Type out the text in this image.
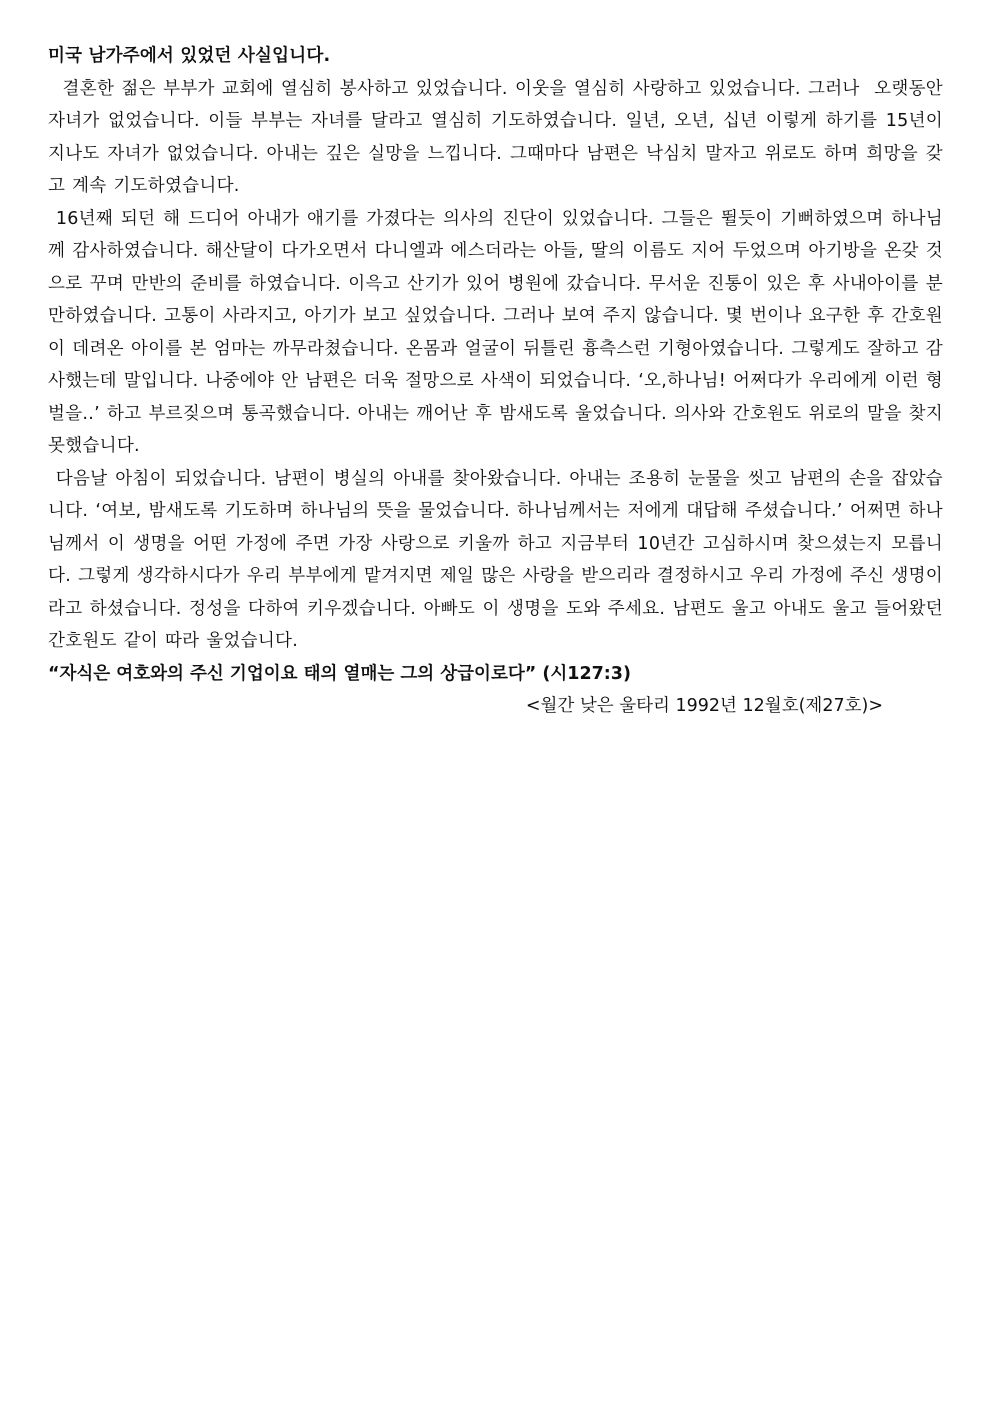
미국 남가주에서 있었던 사실입니다.

결혼한 젊은 부부가 교회에 열심히 봉사하고 있었습니다. 이웃을 열심히 사랑하고 있었습니다. 그러나  오랫동안 자녀가 없었습니다. 이들 부부는 자녀를 달라고 열심히 기도하였습니다. 일년, 오년, 십년 이렇게 하기를 15년이 지나도 자녀가 없었습니다. 아내는 깊은 실망을 느낍니다. 그때마다 남편은 낙심치 말자고 위로도 하며 희망을 갖고 계속 기도하였습니다.

16년째 되던 해 드디어 아내가 애기를 가졌다는 의사의 진단이 있었습니다. 그들은 뛸듯이 기뻐하였으며 하나님께 감사하였습니다. 해산달이 다가오면서 다니엘과 에스더라는 아들, 딸의 이름도 지어 두었으며 아기방을 온갖 것으로 꾸며 만반의 준비를 하였습니다. 이윽고 산기가 있어 병원에 갔습니다. 무서운 진통이 있은 후 사내아이를 분만하였습니다. 고통이 사라지고, 아기가 보고 싶었습니다. 그러나 보여 주지 않습니다. 몇 번이나 요구한 후 간호원이 데려온 아이를 본 엄마는 까무라쳤습니다. 온몸과 얼굴이 뒤틀린 흉측스런 기형아였습니다. 그렇게도 잘하고 감사했는데 말입니다. 나중에야 안 남편은 더욱 절망으로 사색이 되었습니다. ‘오,하나님! 어쩌다가 우리에게 이런 형벌을..’ 하고 부르짖으며 통곡했습니다. 아내는 깨어난 후 밤새도록 울었습니다. 의사와 간호원도 위로의 말을 찾지 못했습니다.

다음날 아침이 되었습니다. 남편이 병실의 아내를 찾아왔습니다. 아내는 조용히 눈물을 씻고 남편의 손을 잡았습니다. ‘여보, 밤새도록 기도하며 하나님의 뜻을 물었습니다. 하나님께서는 저에게 대답해 주셨습니다.’ 어쩌면 하나님께서 이 생명을 어떤 가정에 주면 가장 사랑으로 키울까 하고 지금부터 10년간 고심하시며 찾으셨는지 모릅니다. 그렇게 생각하시다가 우리 부부에게 맡겨지면 제일 많은 사랑을 받으리라 결정하시고 우리 가정에 주신 생명이라고 하셨습니다. 정성을 다하여 키우겠습니다. 아빠도 이 생명을 도와 주세요. 남편도 울고 아내도 울고 들어왔던 간호원도 같이 따라 울었습니다.

“자식은 여호와의 주신 기업이요 태의 열매는 그의 상급이로다” (시127:3)

<월간 낮은 울타리 1992년 12월호(제27호)>
